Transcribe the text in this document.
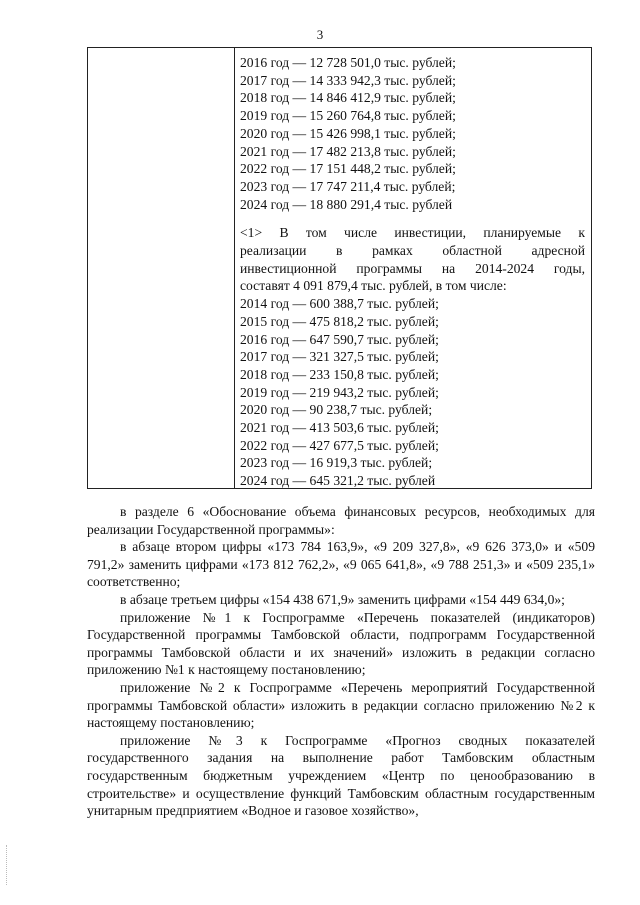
3
2016 год — 12 728 501,0 тыс. рублей;
2017 год — 14 333 942,3 тыс. рублей;
2018 год — 14 846 412,9 тыс. рублей;
2019 год — 15 260 764,8 тыс. рублей;
2020 год — 15 426 998,1 тыс. рублей;
2021 год — 17 482 213,8 тыс. рублей;
2022 год — 17 151 448,2 тыс. рублей;
2023 год — 17 747 211,4 тыс. рублей;
2024 год — 18 880 291,4 тыс. рублей
<1> В том числе инвестиции, планируемые к
реализации в рамках областной адресной
инвестиционной программы на 2014-2024 годы,
составят 4 091 879,4 тыс. рублей, в том числе:
2014 год — 600 388,7 тыс. рублей;
2015 год — 475 818,2 тыс. рублей;
2016 год — 647 590,7 тыс. рублей;
2017 год — 321 327,5 тыс. рублей;
2018 год — 233 150,8 тыс. рублей;
2019 год — 219 943,2 тыс. рублей;
2020 год — 90 238,7 тыс. рублей;
2021 год — 413 503,6 тыс. рублей;
2022 год — 427 677,5 тыс. рублей;
2023 год — 16 919,3 тыс. рублей;
2024 год — 645 321,2 тыс. рублей

в разделе 6 «Обоснование объема финансовых ресурсов, необходимых для реализации Государственной программы»:

в абзаце втором цифры «173 784 163,9», «9 209 327,8», «9 626 373,0» и «509 791,2» заменить цифрами «173 812 762,2», «9 065 641,8», «9 788 251,3» и «509 235,1» соответственно;

в абзаце третьем цифры «154 438 671,9» заменить цифрами «154 449 634,0»;

приложение №1 к Госпрограмме «Перечень показателей (индикаторов) Государственной программы Тамбовской области, подпрограмм Государственной программы Тамбовской области и их значений» изложить в редакции согласно приложению №1 к настоящему постановлению;

приложение №2 к Госпрограмме «Перечень мероприятий Государственной программы Тамбовской области» изложить в редакции согласно приложению №2 к настоящему постановлению;

приложение №3 к Госпрограмме «Прогноз сводных показателей государственного задания на выполнение работ Тамбовским областным государственным бюджетным учреждением «Центр по ценообразованию в строительстве» и осуществление функций Тамбовским областным государственным унитарным предприятием «Водное и газовое хозяйство»,
